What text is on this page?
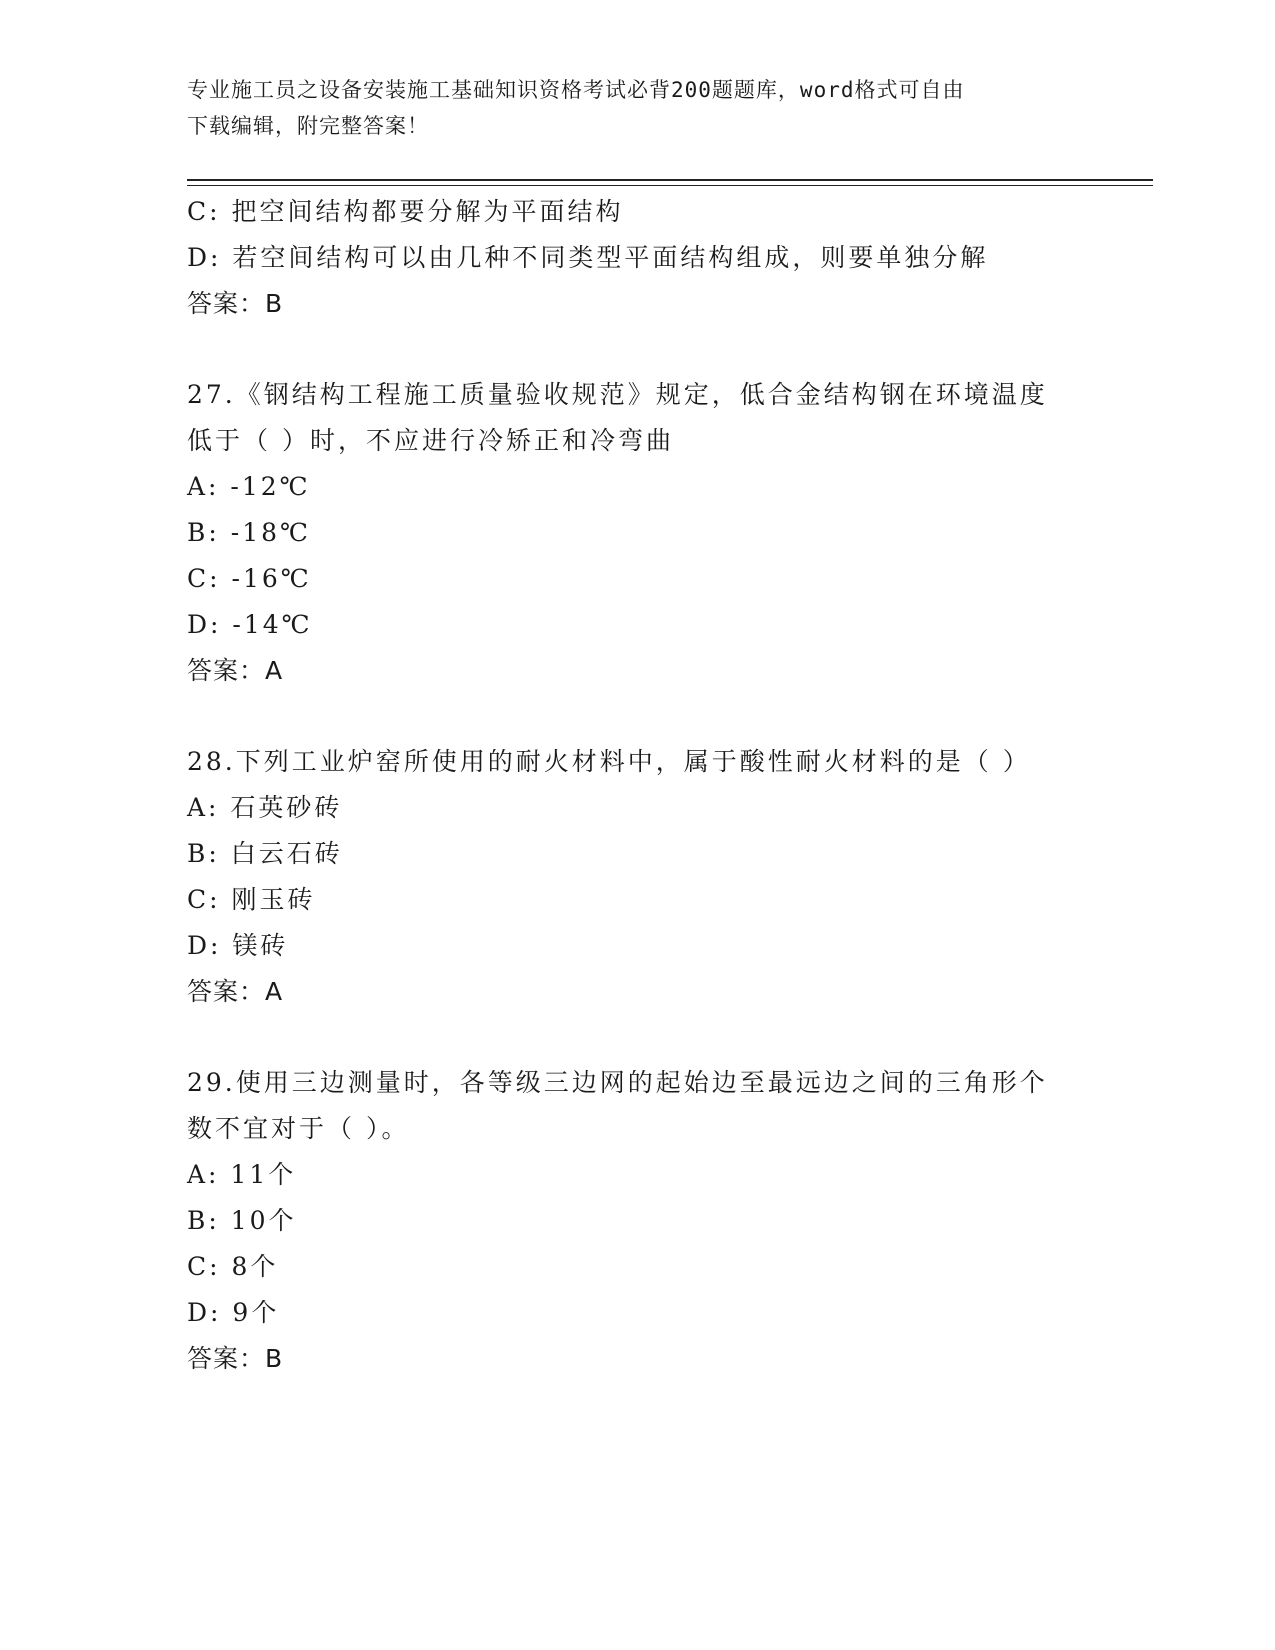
专业施工员之设备安装施工基础知识资格考试必背200题题库，word格式可自由
下载编辑，附完整答案！
C: 把空间结构都要分解为平面结构
D: 若空间结构可以由几种不同类型平面结构组成，则要单独分解
答案：B
27.《钢结构工程施工质量验收规范》规定，低合金结构钢在环境温度
低于（ ）时，不应进行冷矫正和冷弯曲
A: -12℃
B: -18℃
C: -16℃
D: -14℃
答案：A
28.下列工业炉窑所使用的耐火材料中，属于酸性耐火材料的是（ ）
A: 石英砂砖
B: 白云石砖
C: 刚玉砖
D: 镁砖
答案：A
29.使用三边测量时，各等级三边网的起始边至最远边之间的三角形个
数不宜对于（ ）。
A: 11个
B: 10个
C: 8个
D: 9个
答案：B
